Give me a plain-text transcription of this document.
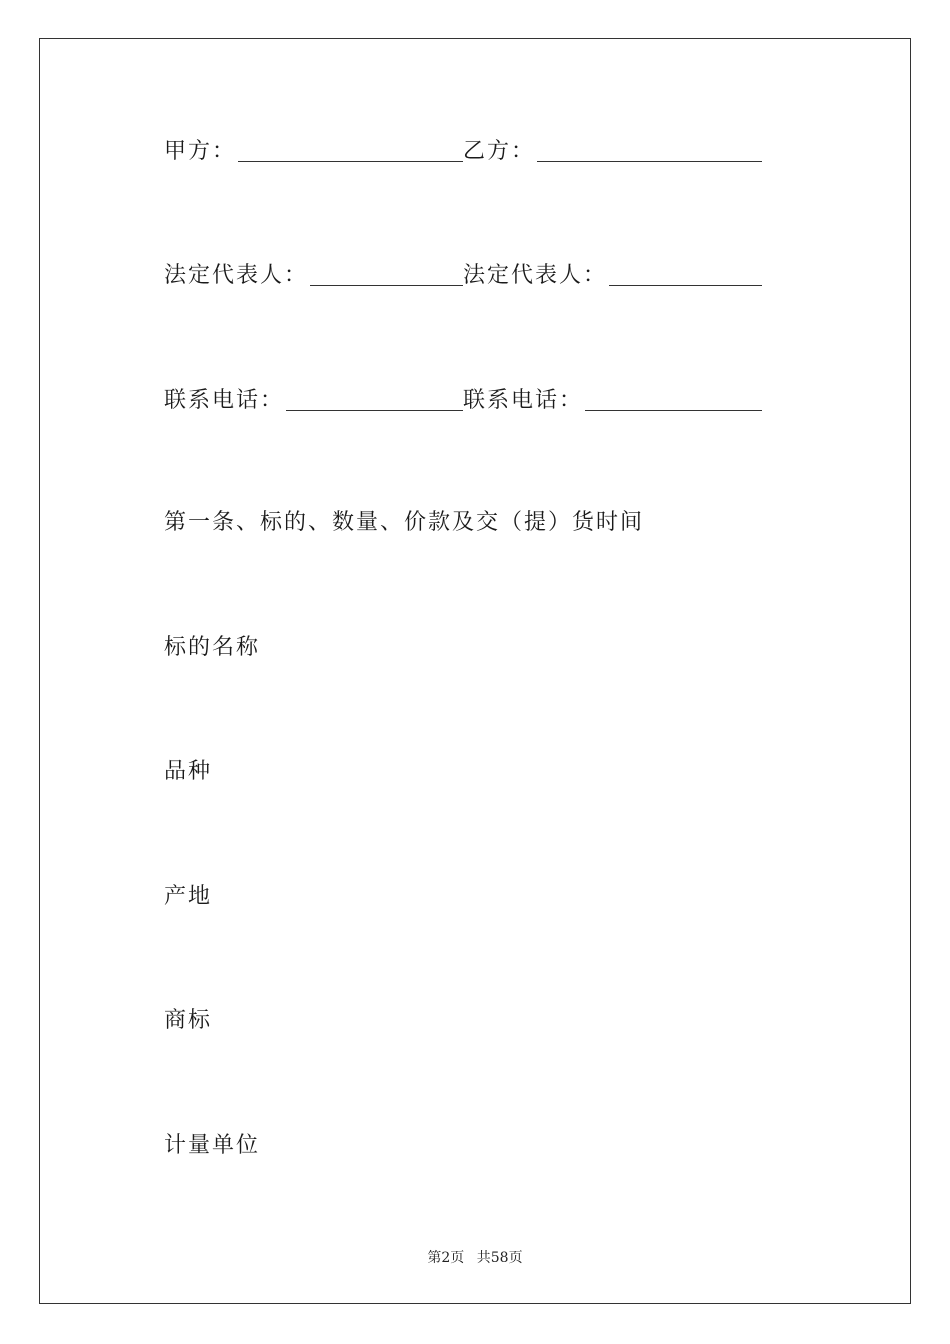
甲方：	乙方：
法定代表人：	法定代表人：
联系电话：	联系电话：
第一条、标的、数量、价款及交（提）货时间
标的名称
品种
产地
商标
计量单位
第2页 共58页
